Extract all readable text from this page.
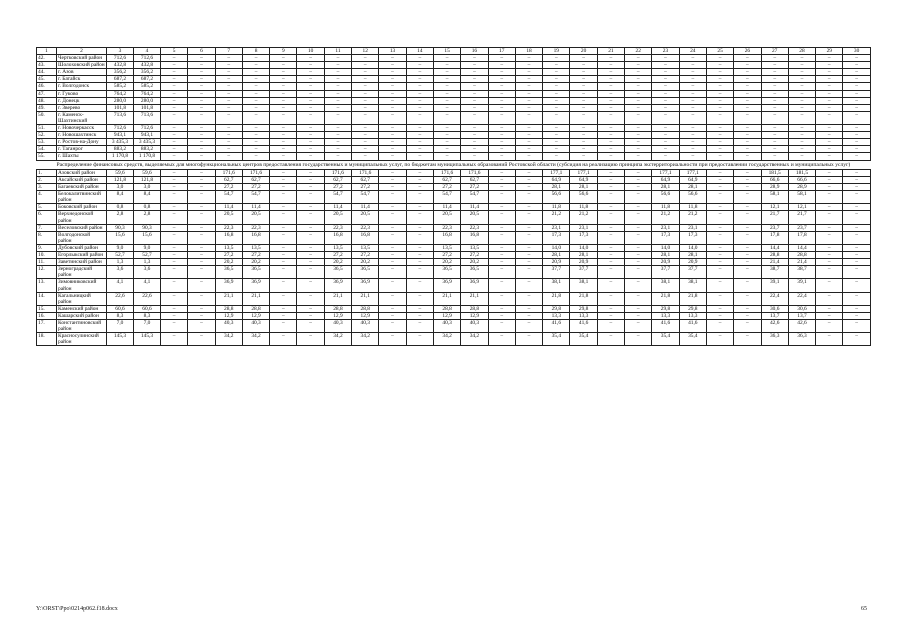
1	2	3	4	5	6	7	8	9	10	11	12	13	14	15	16	17	18	19	20	21	22	23	24	25	26	27	28	29	30
42.	Чертковский район	712,6	712,6	–	–	–	–	–	–	–	–	–	–	–	–	–	–	–	–	–	–	–	–	–	–	–	–	–	–
43.	Шолоховский район	432,8	432,8	–	–	–	–	–	–	–	–	–	–	–	–	–	–	–	–	–	–	–	–	–	–	–	–	–	–
44.	г. Азов	356,2	356,2	–	–	–	–	–	–	–	–	–	–	–	–	–	–	–	–	–	–	–	–	–	–	–	–	–	–
45.	г. Батайск	687,2	687,2	–	–	–	–	–	–	–	–	–	–	–	–	–	–	–	–	–	–	–	–	–	–	–	–	–	–
46.	г. Волгодонск	585,2	585,2	–	–	–	–	–	–	–	–	–	–	–	–	–	–	–	–	–	–	–	–	–	–	–	–	–	–
47.	г. Гуково	764,2	764,2	–	–	–	–	–	–	–	–	–	–	–	–	–	–	–	–	–	–	–	–	–	–	–	–	–	–
48.	г. Донецк	280,0	280,0	–	–	–	–	–	–	–	–	–	–	–	–	–	–	–	–	–	–	–	–	–	–	–	–	–	–
49.	г. Зверево	101,8	101,8	–	–	–	–	–	–	–	–	–	–	–	–	–	–	–	–	–	–	–	–	–	–	–	–	–	–
50.	г. Каменск-Шахтинский	713,6	713,6	–	–	–	–	–	–	–	–	–	–	–	–	–	–	–	–	–	–	–	–	–	–	–	–	–	–
51.	г. Новочеркасск	712,6	712,6	–	–	–	–	–	–	–	–	–	–	–	–	–	–	–	–	–	–	–	–	–	–	–	–	–	–
52.	г. Новошахтинск	943,1	943,1	–	–	–	–	–	–	–	–	–	–	–	–	–	–	–	–	–	–	–	–	–	–	–	–	–	–
53.	г. Ростов-на-Дону	3 435,3	3 435,3	–	–	–	–	–	–	–	–	–	–	–	–	–	–	–	–	–	–	–	–	–	–	–	–	–	–
54.	г. Таганрог	883,2	883,2	–	–	–	–	–	–	–	–	–	–	–	–	–	–	–	–	–	–	–	–	–	–	–	–	–	–
55.	г. Шахты	1 170,8	1 170,8	–	–	–	–	–	–	–	–	–	–	–	–	–	–	–	–	–	–	–	–	–	–	–	–	–	–
Распределение финансовых средств, выделяемых для многофункциональных центров предоставления государственных и муниципальных услуг, по бюджетам муниципальных образований Ростовской области (субсидия на реализацию принципа экстерриториальности при предоставлении государственных и муниципальных услуг)																													
1.	Азовский район	59,6	59,6	–	–	171,6	171,6	–	–	171,6	171,6	–	–	171,6	171,6	–	–	177,1	177,1	–	–	177,1	177,1	–	–	181,5	181,5	–	–
2.	Аксайский район	121,8	121,8	–	–	62,7	62,7	–	–	62,7	62,7	–	–	62,7	62,7	–	–	64,9	64,9	–	–	64,9	64,9	–	–	66,6	66,6	–	–
3.	Багаевский район	3,0	3,0	–	–	27,2	27,2	–	–	27,2	27,2	–	–	27,2	27,2	–	–	28,1	28,1	–	–	28,1	28,1	–	–	28,9	28,9	–	–
4.	Белокалитвинский район	8,4	8,4	–	–	54,7	54,7	–	–	54,7	54,7	–	–	54,7	54,7	–	–	56,6	56,6	–	–	56,6	56,6	–	–	58,1	58,1	–	–
5.	Боковский район	0,8	0,8	–	–	11,4	11,4	–	–	11,4	11,4	–	–	11,4	11,4	–	–	11,8	11,8	–	–	11,8	11,8	–	–	12,1	12,1	–	–
6.	Верхнедонской район	2,8	2,8	–	–	20,5	20,5	–	–	20,5	20,5	–	–	20,5	20,5	–	–	21,2	21,2	–	–	21,2	21,2	–	–	21,7	21,7	–	–
7.	Веселовский район	90,3	90,3	–	–	22,3	22,3	–	–	22,3	22,3	–	–	22,3	22,3	–	–	23,1	23,1	–	–	23,1	23,1	–	–	23,7	23,7	–	–
8.	Волгодонской район	15,6	15,6	–	–	16,8	16,8	–	–	16,8	16,8	–	–	16,8	16,8	–	–	17,3	17,3	–	–	17,3	17,3	–	–	17,8	17,8	–	–
9.	Дубовский район	9,0	9,0	–	–	13,5	13,5	–	–	13,5	13,5	–	–	13,5	13,5	–	–	14,0	14,0	–	–	14,0	14,0	–	–	14,4	14,4	–	–
10.	Егорлыкский район	52,7	52,7	–	–	27,2	27,2	–	–	27,2	27,2	–	–	27,2	27,2	–	–	28,1	28,1	–	–	28,1	28,1	–	–	28,8	28,8	–	–
11.	Заветинский район	1,3	1,3	–	–	20,2	20,2	–	–	20,2	20,2	–	–	20,2	20,2	–	–	20,9	20,9	–	–	20,9	20,9	–	–	21,4	21,4	–	–
12.	Зерноградский район	3,6	3,6	–	–	36,5	36,5	–	–	36,5	36,5	–	–	36,5	36,5	–	–	37,7	37,7	–	–	37,7	37,7	–	–	38,7	38,7	–	–
13.	Зимовниковский район	4,1	4,1	–	–	36,9	36,9	–	–	36,9	36,9	–	–	36,9	36,9	–	–	38,1	38,1	–	–	38,1	38,1	–	–	39,1	39,1	–	–
14.	Кагальницкий район	22,6	22,6	–	–	21,1	21,1	–	–	21,1	21,1	–	–	21,1	21,1	–	–	21,8	21,8	–	–	21,8	21,8	–	–	22,4	22,4	–	–
15.	Каменский район	60,6	60,6	–	–	28,8	28,8	–	–	28,8	28,8	–	–	28,8	28,8	–	–	29,8	29,8	–	–	29,8	29,8	–	–	30,6	30,6	–	–
16.	Кашарский район	8,3	8,3	–	–	12,9	12,9	–	–	12,9	12,9	–	–	12,9	12,9	–	–	13,3	13,3	–	–	13,3	13,3	–	–	13,7	13,7	–	–
17.	Константиновский район	7,0	7,0	–	–	40,3	40,3	–	–	40,3	40,3	–	–	40,3	40,3	–	–	41,6	41,6	–	–	41,6	41,6	–	–	42,6	42,6	–	–
18.	Красносулинский район	145,3	145,3	–	–	34,2	34,2	–	–	34,2	34,2	–	–	34,2	34,2	–	–	35,4	35,4	–	–	35,4	35,4	–	–	36,3	36,3	–	–
Y:\ORST\Ppo\0214p062.f18.docx	65
